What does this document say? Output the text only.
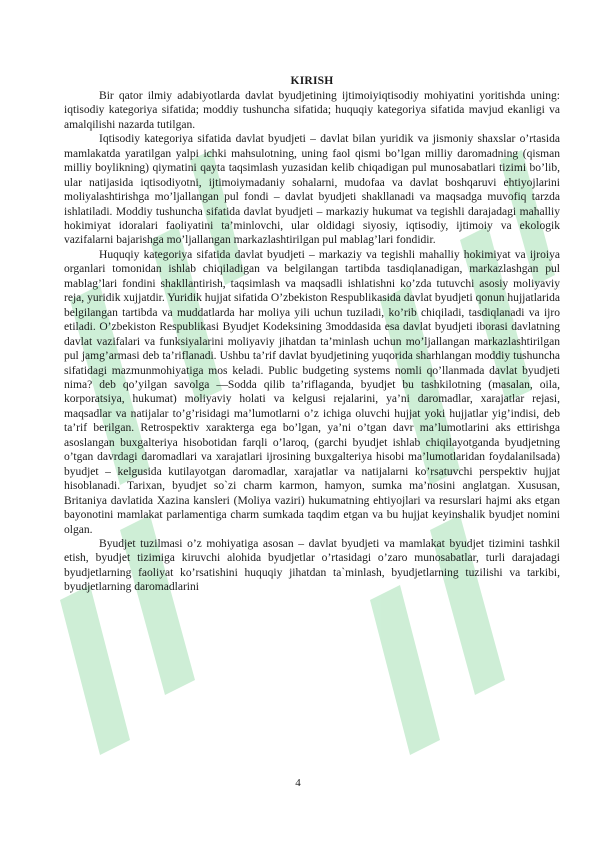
KIRISH

Bir qator ilmiy adabiyotlarda davlat byudjetining ijtimoiyiqtisodiy mohiyatini yoritishda uning: iqtisodiy kategoriya sifatida; moddiy tushuncha sifatida; huquqiy kategoriya sifatida mavjud ekanligi va amalqilishi nazarda tutilgan.

Iqtisodiy kategoriya sifatida davlat byudjeti – davlat bilan yuridik va jismoniy shaxslar o’rtasida mamlakatda yaratilgan yalpi ichki mahsulotning, uning faol qismi bo’lgan milliy daromadning (qisman milliy boylikning) qiymatini qayta taqsimlash yuzasidan kelib chiqadigan pul munosabatlari tizimi bo’lib, ular natijasida iqtisodiyotni, ijtimoiymadaniy sohalarni, mudofaa va davlat boshqaruvi ehtiyojlarini moliyalashtirishga mo’ljallangan pul fondi – davlat byudjeti shakllanadi va maqsadga muvofiq tarzda ishlatiladi. Moddiy tushuncha sifatida davlat byudjeti – markaziy hukumat va tegishli darajadagi mahalliy hokimiyat idoralari faoliyatini ta’minlovchi, ular oldidagi siyosiy, iqtisodiy, ijtimoiy va ekologik vazifalarni bajarishga mo’ljallangan markazlashtirilgan pul mablag’lari fondidir.

Huquqiy kategoriya sifatida davlat byudjeti – markaziy va tegishli mahalliy hokimiyat va ijroiya organlari tomonidan ishlab chiqiladigan va belgilangan tartibda tasdiqlanadigan, markazlashgan pul mablag’lari fondini shakllantirish, taqsimlash va maqsadli ishlatishni ko’zda tutuvchi asosiy moliyaviy reja, yuridik xujjatdir. Yuridik hujjat sifatida O’zbekiston Respublikasida davlat byudjeti qonun hujjatlarida belgilangan tartibda va muddatlarda har moliya yili uchun tuziladi, ko’rib chiqiladi, tasdiqlanadi va ijro etiladi. O’zbekiston Respublikasi Byudjet Kodeksining 3moddasida esa davlat byudjeti iborasi davlatning davlat vazifalari va funksiyalarini moliyaviy jihatdan ta’minlash uchun mo’ljallangan markazlashtirilgan pul jamg’armasi deb ta’riflanadi. Ushbu ta’rif davlat byudjetining yuqorida sharhlangan moddiy tushuncha sifatidagi mazmunmohiyatiga mos keladi. Public budgeting systems nomli qo’llanmada davlat byudjeti nima? deb qo’yilgan savolga —Sodda qilib ta’riflaganda, byudjet bu tashkilotning (masalan, oila, korporatsiya, hukumat) moliyaviy holati va kelgusi rejalarini, ya’ni daromadlar, xarajatlar rejasi, maqsadlar va natijalar to’g’risidagi ma’lumotlarni o’z ichiga oluvchi hujjat yoki hujjatlar yig’indisi, deb ta’rif berilgan. Retrospektiv xarakterga ega bo’lgan, ya’ni o’tgan davr ma’lumotlarini aks ettirishga asoslangan buxgalteriya hisobotidan farqli o’laroq, (garchi byudjet ishlab chiqilayotganda byudjetning o’tgan davrdagi daromadlari va xarajatlari ijrosining buxgalteriya hisobi ma’lumotlaridan foydalanilsada) byudjet – kelgusida kutilayotgan daromadlar, xarajatlar va natijalarni ko’rsatuvchi perspektiv hujjat hisoblanadi. Tarixan, byudjet so`zi charm karmon, hamyon, sumka ma’nosini anglatgan. Xususan, Britaniya davlatida Xazina kansleri (Moliya vaziri) hukumatning ehtiyojlari va resurslari hajmi aks etgan bayonotini mamlakat parlamentiga charm sumkada taqdim etgan va bu hujjat keyinshalik byudjet nomini olgan.

Byudjet tuzilmasi o’z mohiyatiga asosan – davlat byudjeti va mamlakat byudjet tizimini tashkil etish, byudjet tizimiga kiruvchi alohida byudjetlar o’rtasidagi o’zaro munosabatlar, turli darajadagi byudjetlarning faoliyat ko’rsatishini huquqiy jihatdan ta`minlash, byudjetlarning tuzilishi va tarkibi, byudjetlarning daromadlarini

4
